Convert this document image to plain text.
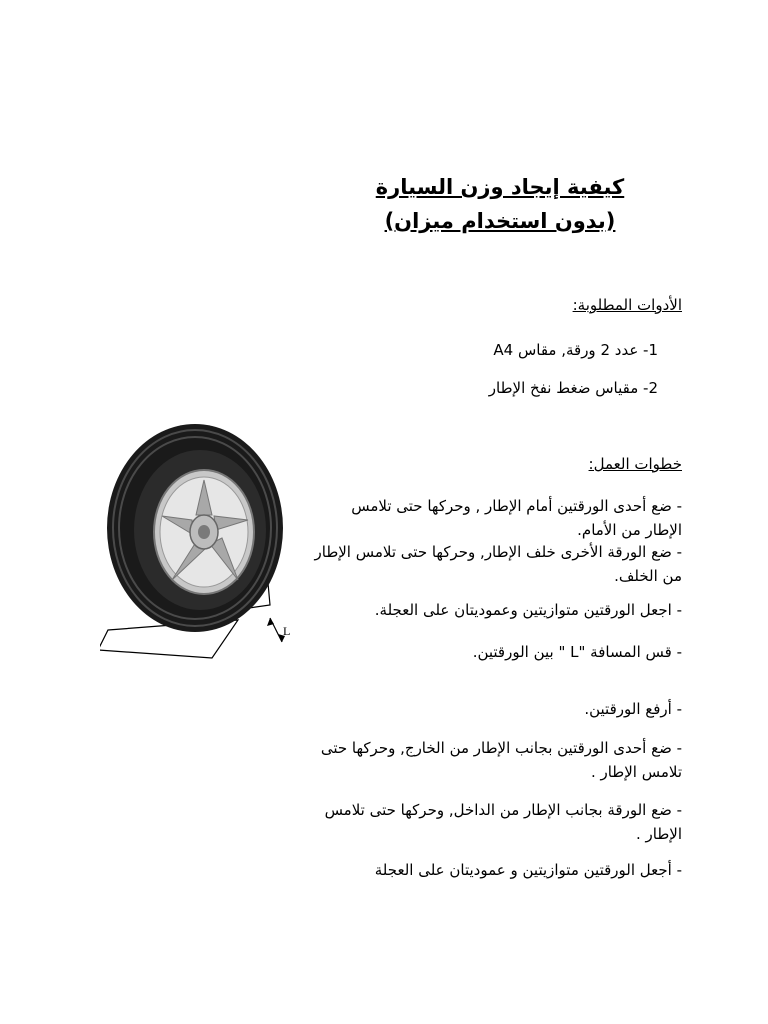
كيفية إيجاد وزن السيارة
(بدون استخدام ميزان)
الأدوات المطلوبة:
1- عدد 2 ورقة, مقاس A4
2- مقياس ضغط نفخ الإطار
خطوات العمل:
- ضع أحدى الورقتين أمام الإطار , وحركها حتى تلامس الإطار من الأمام.
- ضع الورقة الأخرى خلف الإطار, وحركها حتى تلامس الإطار من الخلف.
- اجعل الورقتين متوازيتين وعموديتان على العجلة.
- قس المسافة "L " بين الورقتين.
- أرفع الورقتين.
- ضع أحدى الورقتين بجانب الإطار من الخارج, وحركها حتى تلامس الإطار .
- ضع الورقة بجانب الإطار من الداخل, وحركها حتى تلامس الإطار .
- أجعل الورقتين متوازيتين و عموديتان على العجلة
L
